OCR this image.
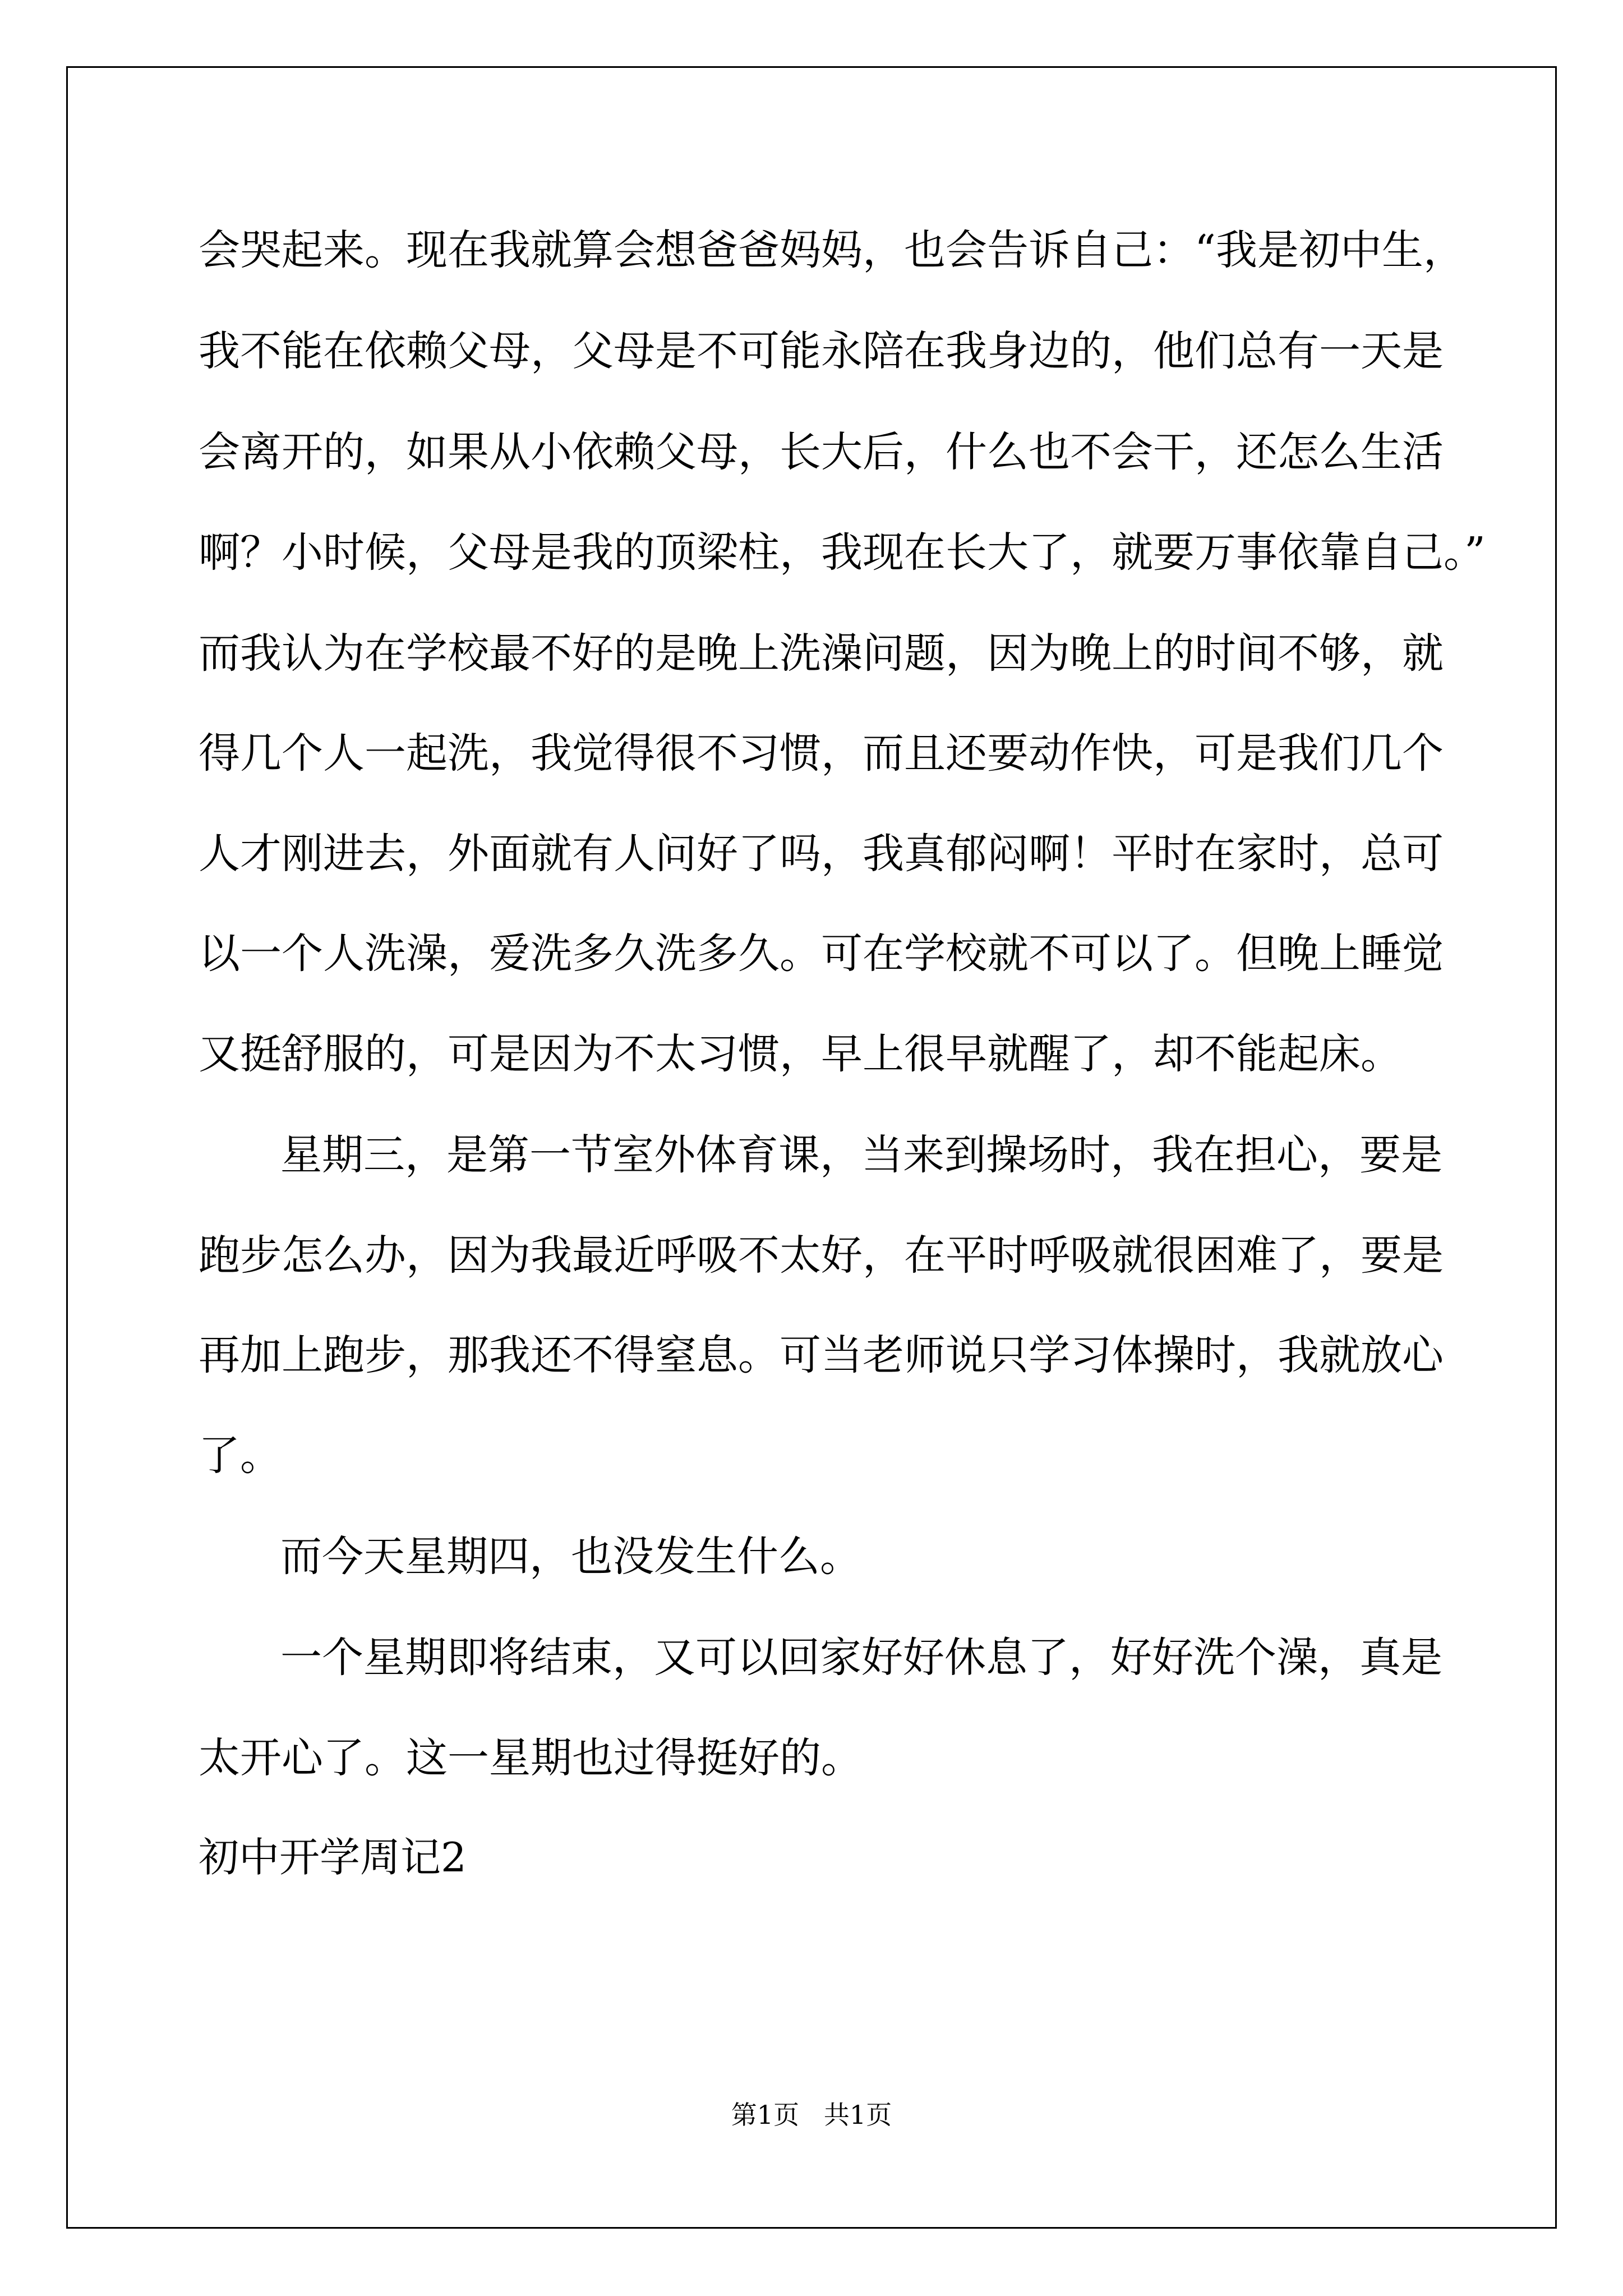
会哭起来。现在我就算会想爸爸妈妈，也会告诉自己：“我是初中生，
我不能在依赖父母，父母是不可能永陪在我身边的，他们总有一天是
会离开的，如果从小依赖父母，长大后，什么也不会干，还怎么生活
啊？小时候，父母是我的顶梁柱，我现在长大了，就要万事依靠自己。”
而我认为在学校最不好的是晚上洗澡问题，因为晚上的时间不够，就
得几个人一起洗，我觉得很不习惯，而且还要动作快，可是我们几个
人才刚进去，外面就有人问好了吗，我真郁闷啊！平时在家时，总可
以一个人洗澡，爱洗多久洗多久。可在学校就不可以了。但晚上睡觉
又挺舒服的，可是因为不太习惯，早上很早就醒了，却不能起床。
星期三，是第一节室外体育课，当来到操场时，我在担心，要是
跑步怎么办，因为我最近呼吸不太好，在平时呼吸就很困难了，要是
再加上跑步，那我还不得窒息。可当老师说只学习体操时，我就放心
了。
而今天星期四，也没发生什么。
一个星期即将结束，又可以回家好好休息了，好好洗个澡，真是
太开心了。这一星期也过得挺好的。
初中开学周记2
第1页   共1页
